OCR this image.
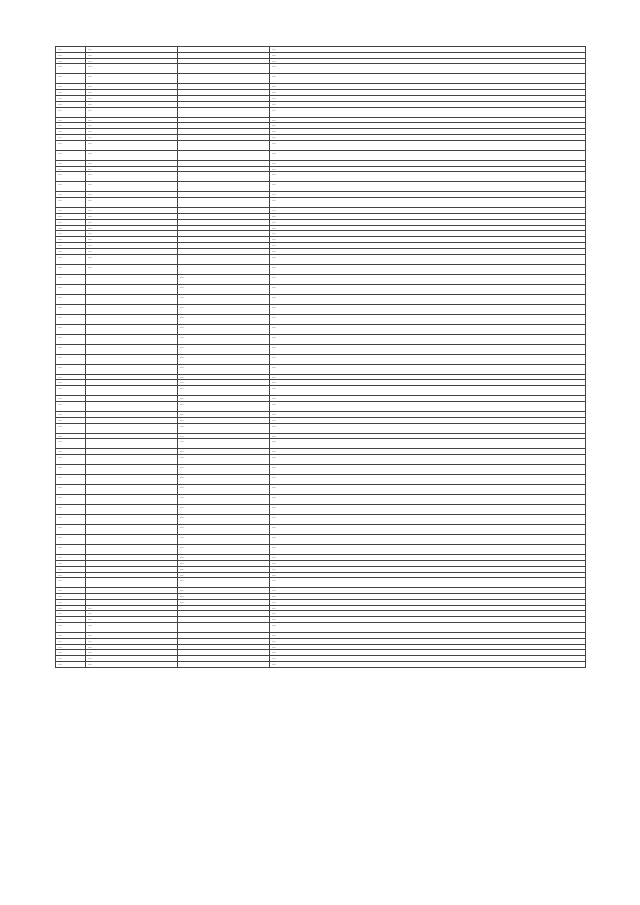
—	—		—
—	—		—
—	—		—
—	—		—
—	—		—
—	—		—
—	—		—
—	—		—
—	—		—
—	—		—
—	—		—
—	—		—
—	—		—
—	—		—
—	—		—
—	—		—
—	—		—
—	—		—
—	—		—
—	—		—
—	—		—
—	—		—
—	—		—
—	—		—
—	—		—
—	—		—
—	—		—
—	—		—
—	—		—
—	—		—
—	—		—
—	—		—
—		—	—
—		—	—
—		—	—
—		—	—
—		—	—
—		—	—
—		—	—
—		—	—
—		—	—
—		—	—
—		—	—
—		—	—
—		—	—
—		—	—
—		—	—
—		—	—
—		—	—
—		—	—
—		—	—
—		—	—
—		—	—
—		—	—
—		—	—
—		—	—
—		—	—
—		—	—
—		—	—
—		—	—
—		—	—
—		—	—
—		—	—
—		—	—
—		—	—
—		—	—
—		—	—
—		—	—
—		—	—
—		—	—
—		—	—
—	—		—
—	—		—
—	—		—
—	—		—
—	—		—
—	—		—
—	—		—
—	—		—
—	—		—
—	—		—
